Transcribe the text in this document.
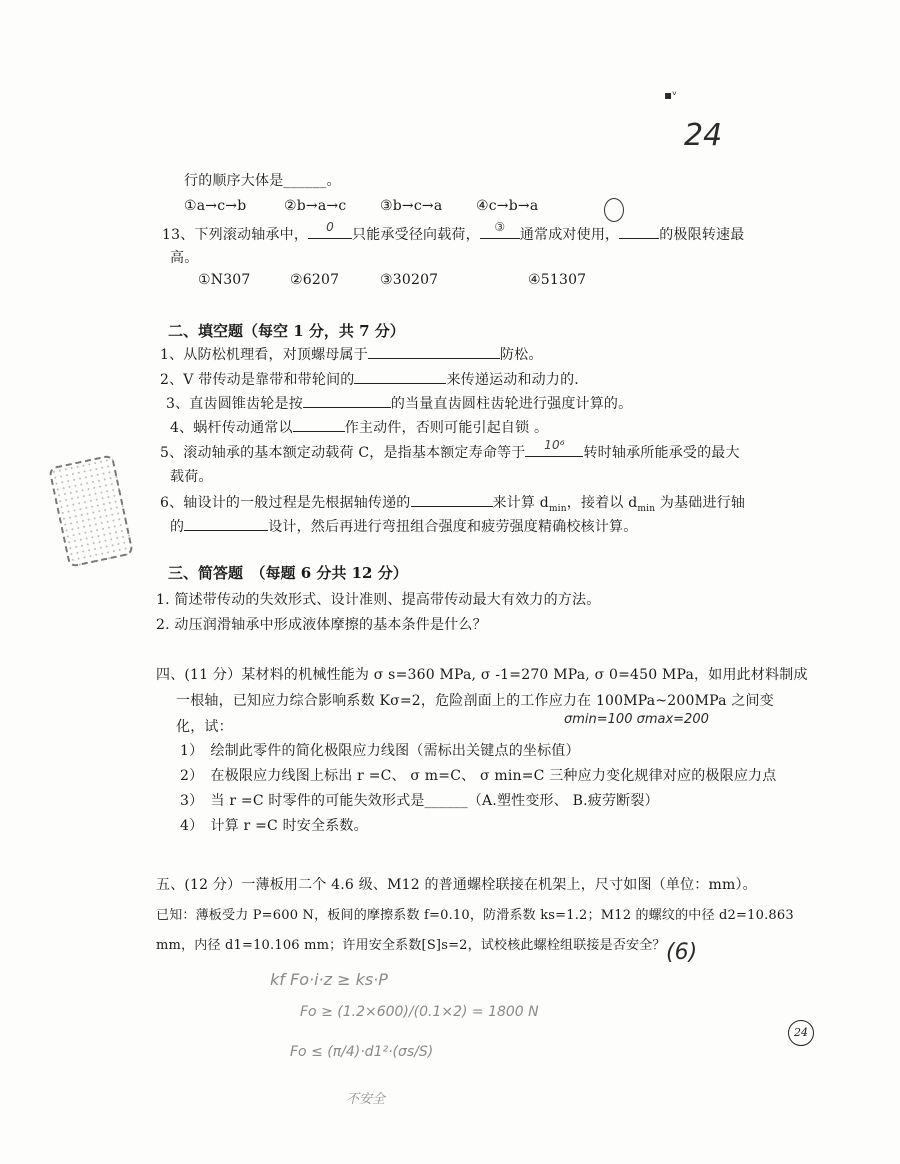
▪ᵛ
24
行的顺序大体是______。
①a→c→b	②b→a→c ③b→c→a ④c→b→a
13、下列滚动轴承中，	0	只能承受径向载荷，	③	通常成对使用，	的极限转速最
高。
①N307	②6207	③30207	④51307
二、填空题（每空 1 分，共 7 分）
1、从防松机理看，对顶螺母属于	防松。
2、V 带传动是靠带和带轮间的	来传递运动和动力的.
3、直齿圆锥齿轮是按	的当量直齿圆柱齿轮进行强度计算的。
4、蜗杆传动通常以	作主动件，否则可能引起自锁 。
5、滚动轴承的基本额定动载荷 C，是指基本额定寿命等于	10⁶	转时轴承所能承受的最大
载荷。
6、轴设计的一般过程是先根据轴传递的	来计算 $d_{min}$，接着以 $d_{min}$ 为基础进行轴
的	设计，然后再进行弯扭组合强度和疲劳强度精确校核计算。
三、简答题　（每题 6 分共 12 分）
1. 简述带传动的失效形式、设计准则、提高带传动最大有效力的方法。
2. 动压润滑轴承中形成液体摩擦的基本条件是什么？
四、(11 分）某材料的机械性能为 σ s=360 MPa, σ -1=270 MPa, σ 0=450 MPa，如用此材料制成
一根轴，已知应力综合影响系数 Kσ=2，危险剖面上的工作应力在 100MPa~200MPa 之间变
化，试：	σmin=100 σmax=200
1）　绘制此零件的简化极限应力线图（需标出关键点的坐标值）
2）　在极限应力线图上标出 r =C、 σ m=C、 σ min=C 三种应力变化规律对应的极限应力点
3）　当 r =C 时零件的可能失效形式是______（A.塑性变形、 B.疲劳断裂）
4）　计算 r =C 时安全系数。
五、(12 分）一薄板用二个 4.6 级、M12 的普通螺栓联接在机架上，尺寸如图（单位：mm）。
已知：薄板受力 P=600 N，板间的摩擦系数 f=0.10，防滑系数 ks=1.2；M12 的螺纹的中径 d2=10.863
mm，内径 d1=10.106 mm；许用安全系数[S]s=2，试校核此螺栓组联接是否安全？ (6)
kf Fo·i·z ≥ ks·P
Fo ≥ (1.2×600)/(0.1×2) = 1800 N
Fo ≤ (π/4)·d1²·(σs/S)
不安全
24
